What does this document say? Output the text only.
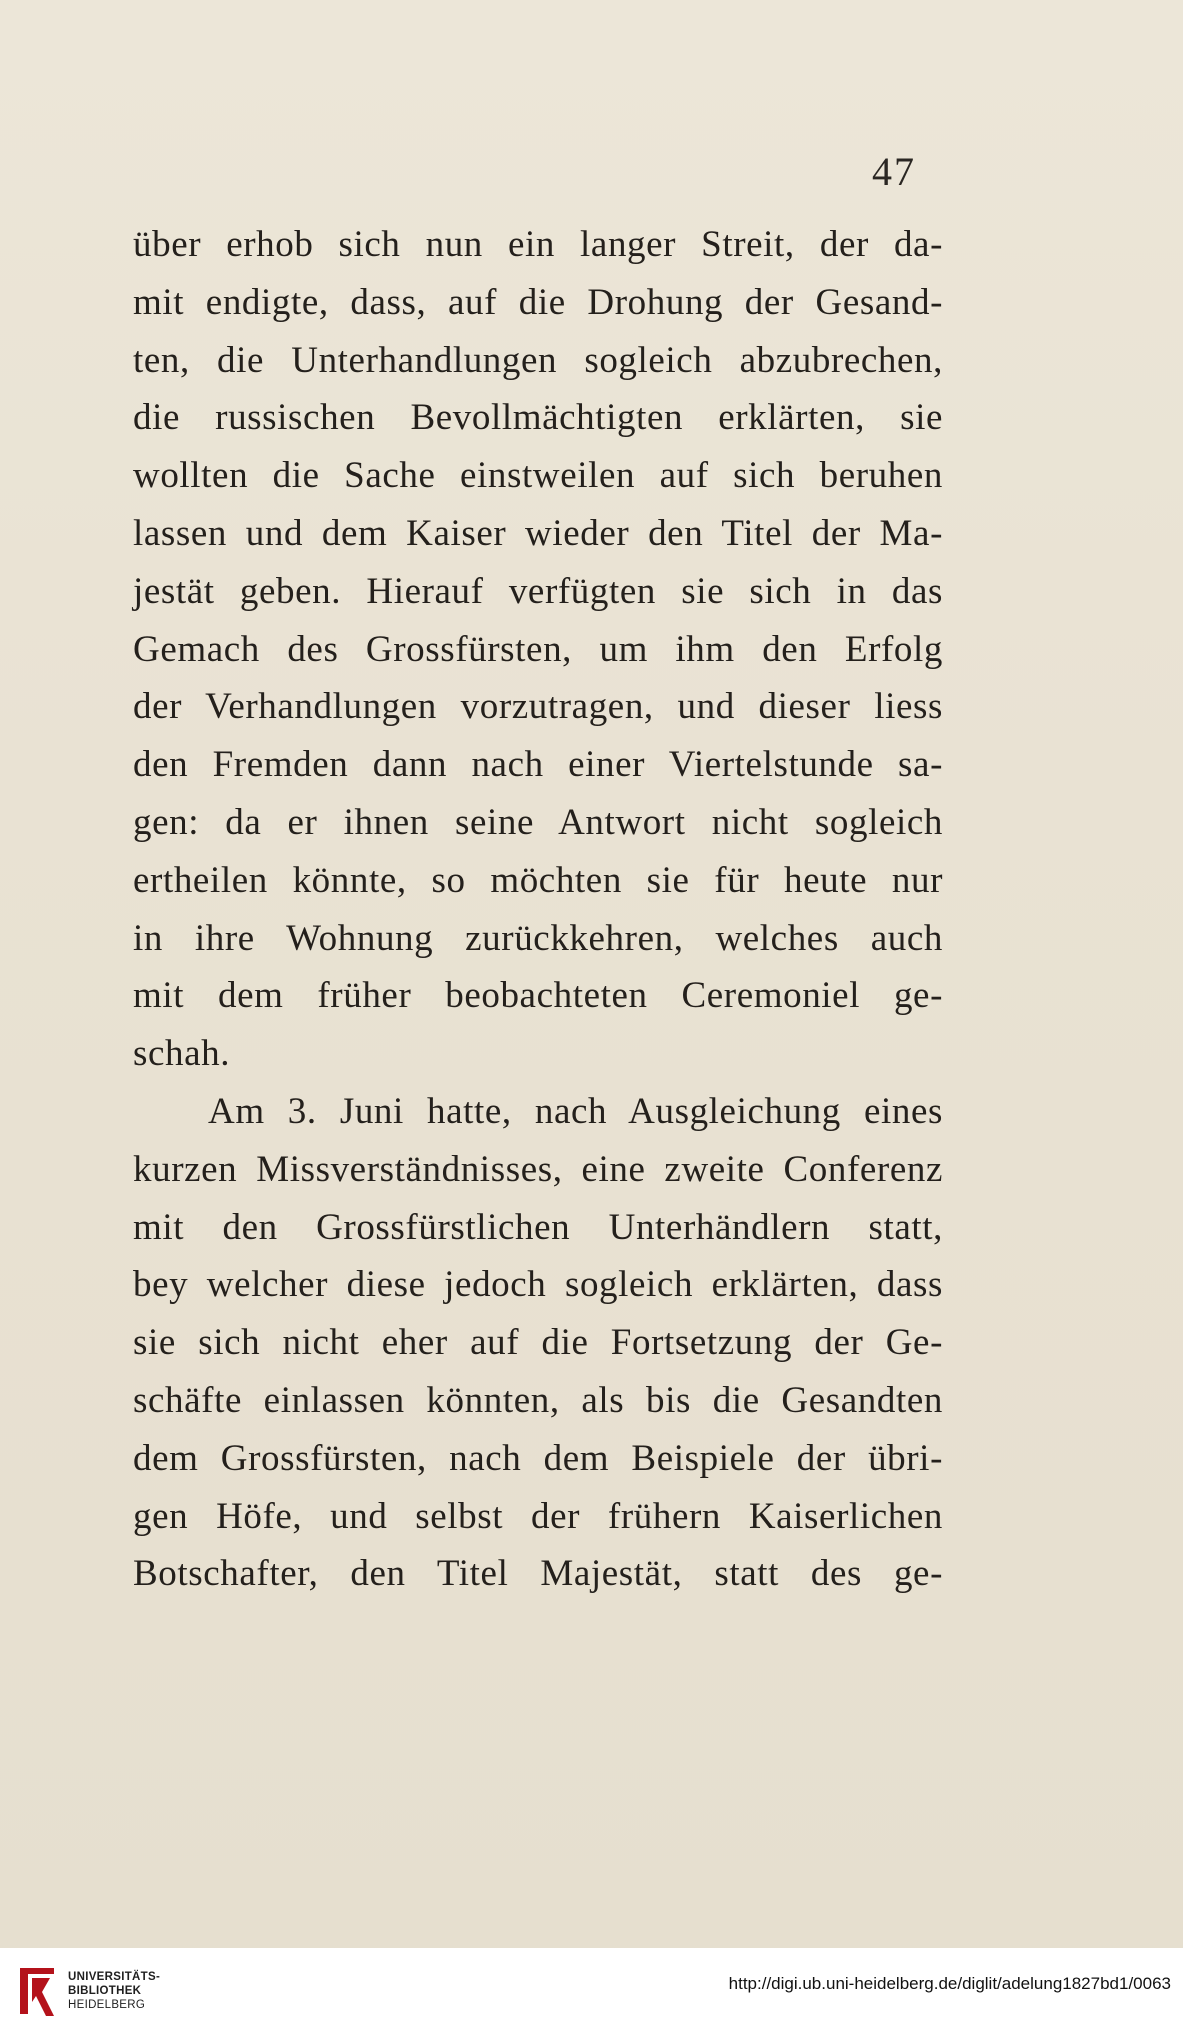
47
über erhob sich nun ein langer Streit, der da-
mit endigte, dass, auf die Drohung der Gesand-
ten, die Unterhandlungen sogleich abzubrechen,
die russischen Bevollmächtigten erklärten, sie
wollten die Sache einstweilen auf sich beruhen
lassen und dem Kaiser wieder den Titel der Ma-
jestät geben. Hierauf verfügten sie sich in das
Gemach des Grossfürsten, um ihm den Erfolg
der Verhandlungen vorzutragen, und dieser liess
den Fremden dann nach einer Viertelstunde sa-
gen: da er ihnen seine Antwort nicht sogleich
ertheilen könnte, so möchten sie für heute nur
in ihre Wohnung zurückkehren, welches auch
mit dem früher beobachteten Ceremoniel ge-
schah.
Am 3. Juni hatte, nach Ausgleichung eines
kurzen Missverständnisses, eine zweite Conferenz
mit den Grossfürstlichen Unterhändlern statt,
bey welcher diese jedoch sogleich erklärten, dass
sie sich nicht eher auf die Fortsetzung der Ge-
schäfte einlassen könnten, als bis die Gesandten
dem Grossfürsten, nach dem Beispiele der übri-
gen Höfe, und selbst der frühern Kaiserlichen
Botschafter, den Titel Majestät, statt des ge-
UNIVERSITÄTS-
BIBLIOTHEK
HEIDELBERG
http://digi.ub.uni-heidelberg.de/diglit/adelung1827bd1/0063
